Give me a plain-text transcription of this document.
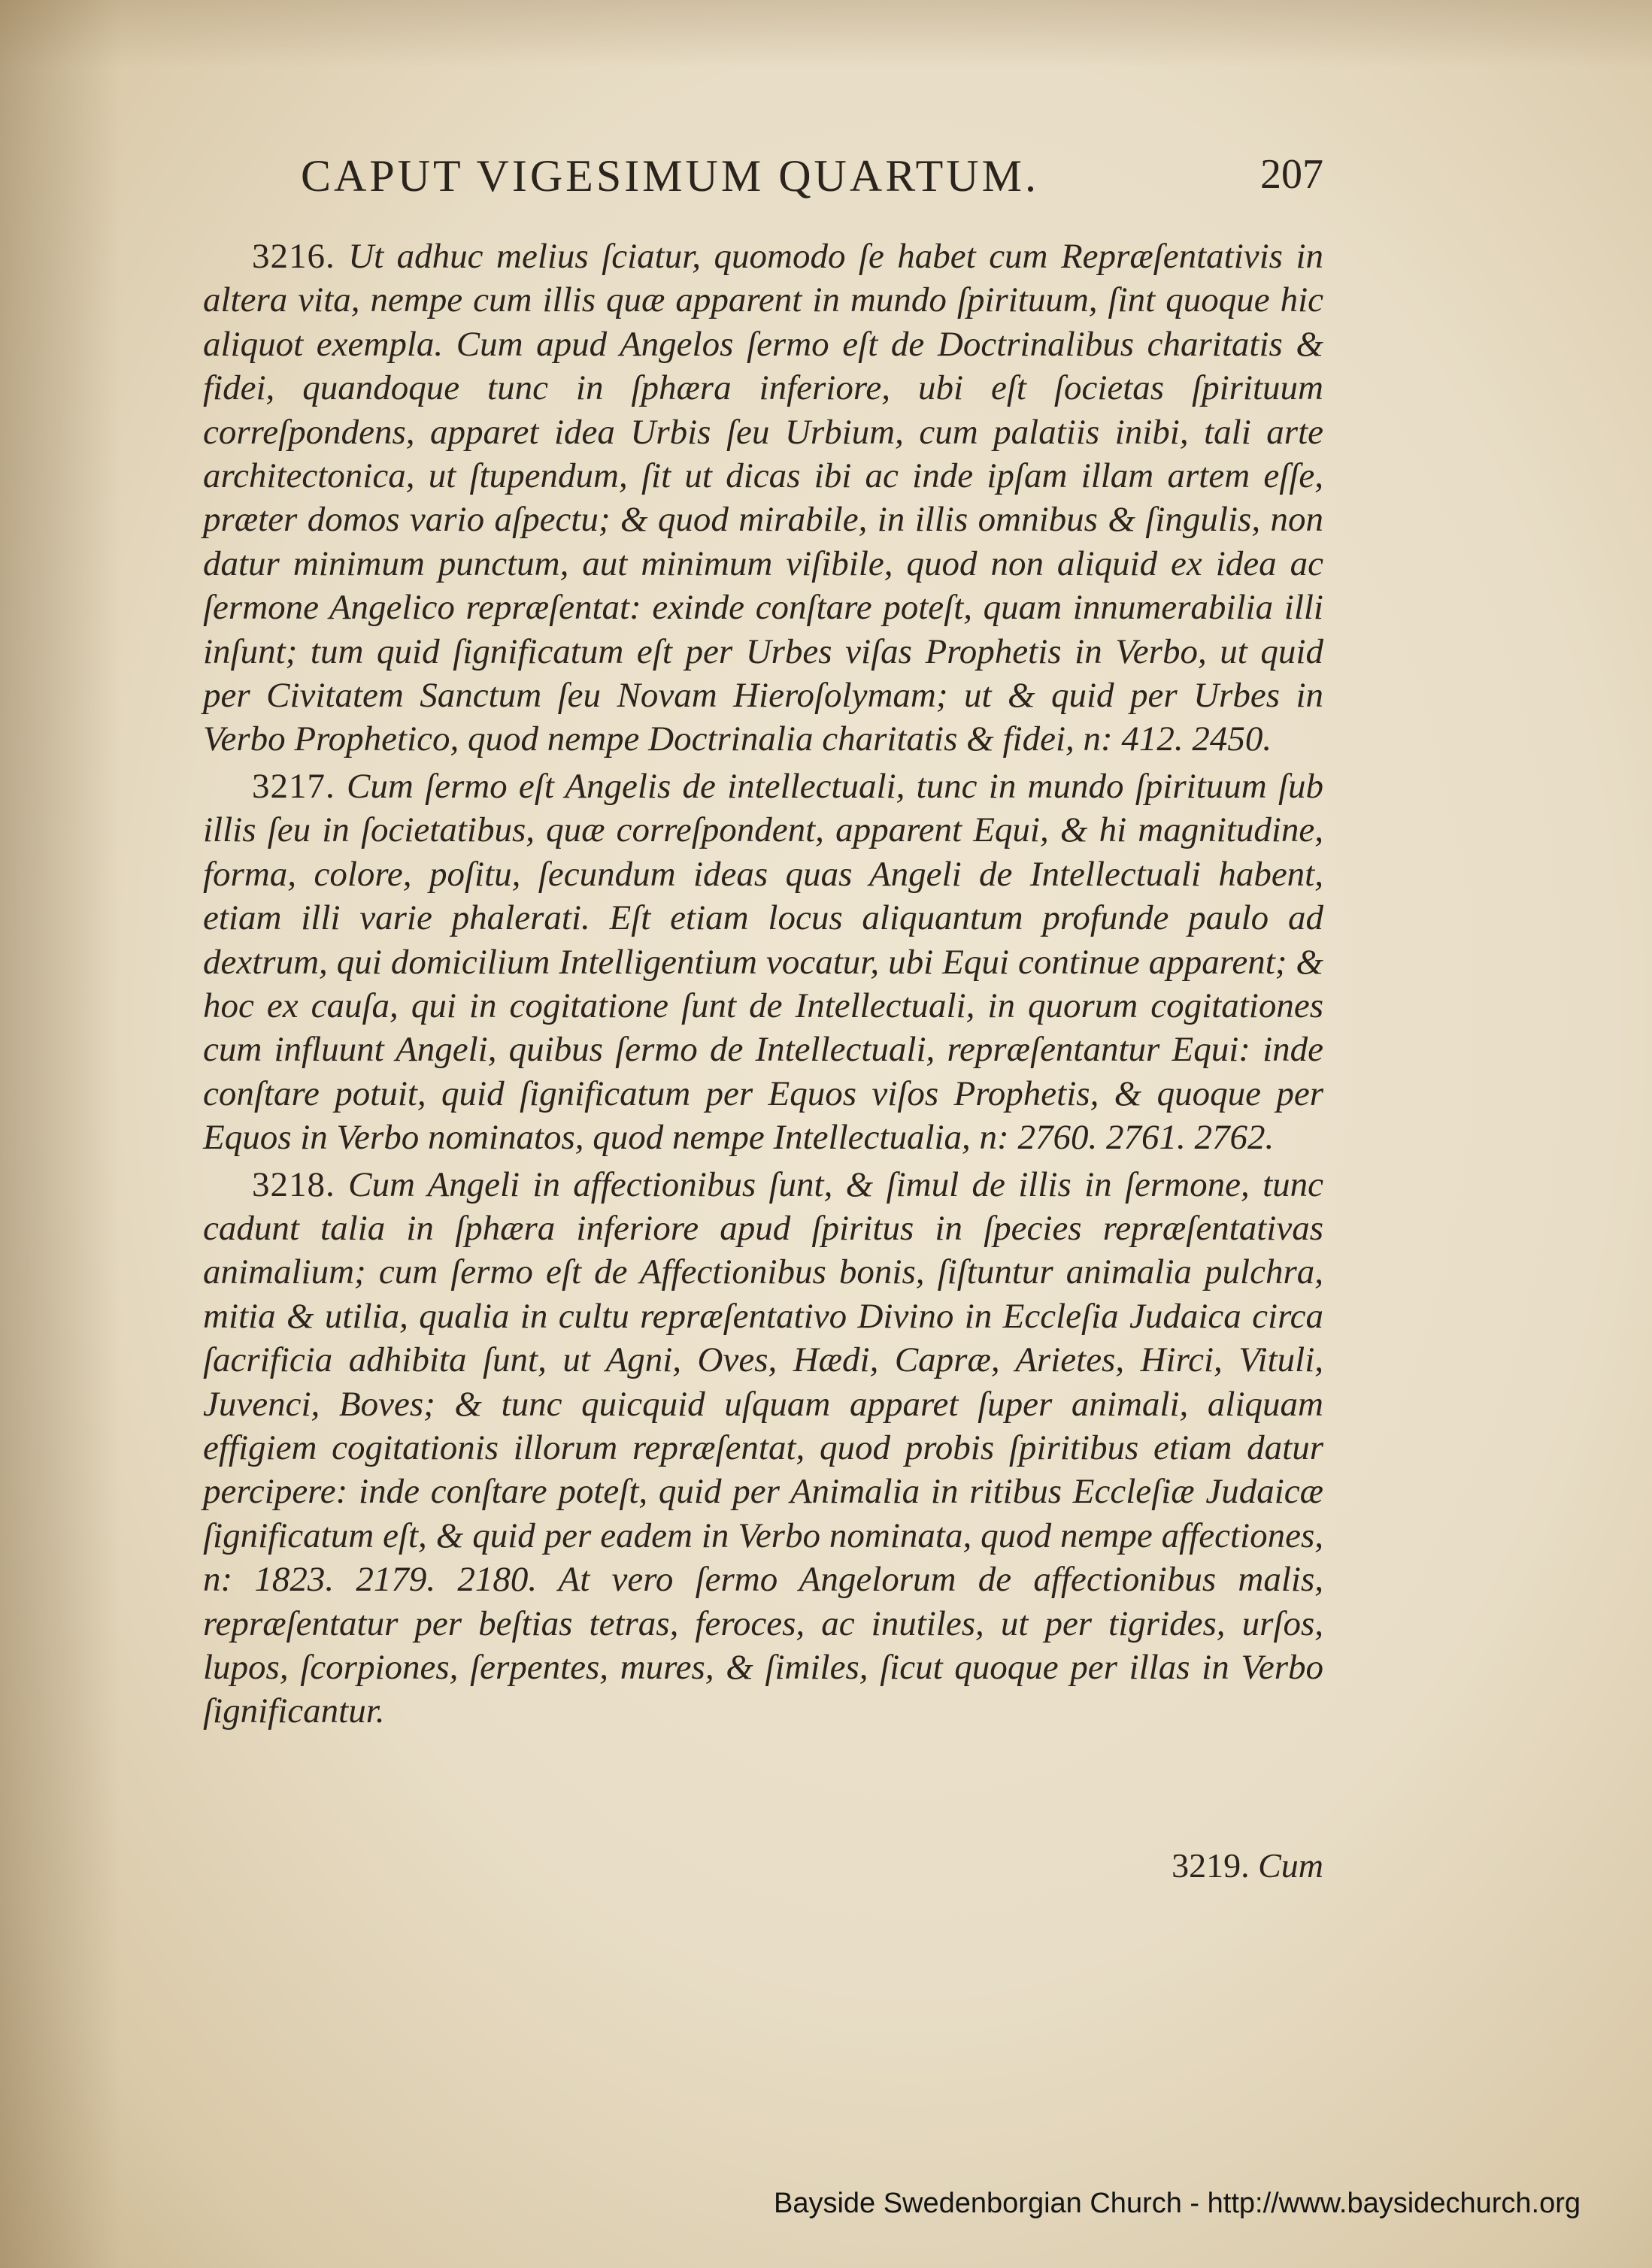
CAPUT VIGESIMUM QUARTUM.	207

3216. Ut adhuc melius ſciatur, quomodo ſe habet cum Repræſentativis in altera vita, nempe cum illis quæ apparent in mundo ſpirituum, ſint quoque hic aliquot exempla. Cum apud Angelos ſermo eſt de Doctrinalibus charitatis & fidei, quandoque tunc in ſphæra inferiore, ubi eſt ſocietas ſpirituum correſpondens, apparet idea Urbis ſeu Urbium, cum palatiis inibi, tali arte architectonica, ut ſtupendum, ſit ut dicas ibi ac inde ipſam illam artem eſſe, præter domos vario aſpectu; & quod mirabile, in illis omnibus & ſingulis, non datur minimum punctum, aut minimum viſibile, quod non aliquid ex idea ac ſermone Angelico repræſentat: exinde conſtare poteſt, quam innumerabilia illi inſunt; tum quid ſignificatum eſt per Urbes viſas Prophetis in Verbo, ut quid per Civitatem Sanctum ſeu Novam Hieroſolymam; ut & quid per Urbes in Verbo Prophetico, quod nempe Doctrinalia charitatis & fidei, n: 412. 2450.

3217. Cum ſermo eſt Angelis de intellectuali, tunc in mundo ſpirituum ſub illis ſeu in ſocietatibus, quæ correſpondent, apparent Equi, & hi magnitudine, forma, colore, poſitu, ſecundum ideas quas Angeli de Intellectuali habent, etiam illi varie phalerati. Eſt etiam locus aliquantum profunde paulo ad dextrum, qui domicilium Intelligentium vocatur, ubi Equi continue apparent; & hoc ex cauſa, qui in cogitatione ſunt de Intellectuali, in quorum cogitationes cum influunt Angeli, quibus ſermo de Intellectuali, repræſentantur Equi: inde conſtare potuit, quid ſignificatum per Equos viſos Prophetis, & quoque per Equos in Verbo nominatos, quod nempe Intellectualia, n: 2760. 2761. 2762.

3218. Cum Angeli in affectionibus ſunt, & ſimul de illis in ſermone, tunc cadunt talia in ſphæra inferiore apud ſpiritus in ſpecies repræſentativas animalium; cum ſermo eſt de Affectionibus bonis, ſiſtuntur animalia pulchra, mitia & utilia, qualia in cultu repræſentativo Divino in Eccleſia Judaica circa ſacrificia adhibita ſunt, ut Agni, Oves, Hædi, Capræ, Arietes, Hirci, Vituli, Juvenci, Boves; & tunc quicquid uſquam apparet ſuper animali, aliquam effigiem cogitationis illorum repræſentat, quod probis ſpiritibus etiam datur percipere: inde conſtare poteſt, quid per Animalia in ritibus Eccleſiæ Judaicæ ſignificatum eſt, & quid per eadem in Verbo nominata, quod nempe affectiones, n: 1823. 2179. 2180. At vero ſermo Angelorum de affectionibus malis, repræſentatur per beſtias tetras, feroces, ac inutiles, ut per tigrides, urſos, lupos, ſcorpiones, ſerpentes, mures, & ſimiles, ſicut quoque per illas in Verbo ſignificantur.

3219. Cum
Bayside Swedenborgian Church - http://www.baysidechurch.org
